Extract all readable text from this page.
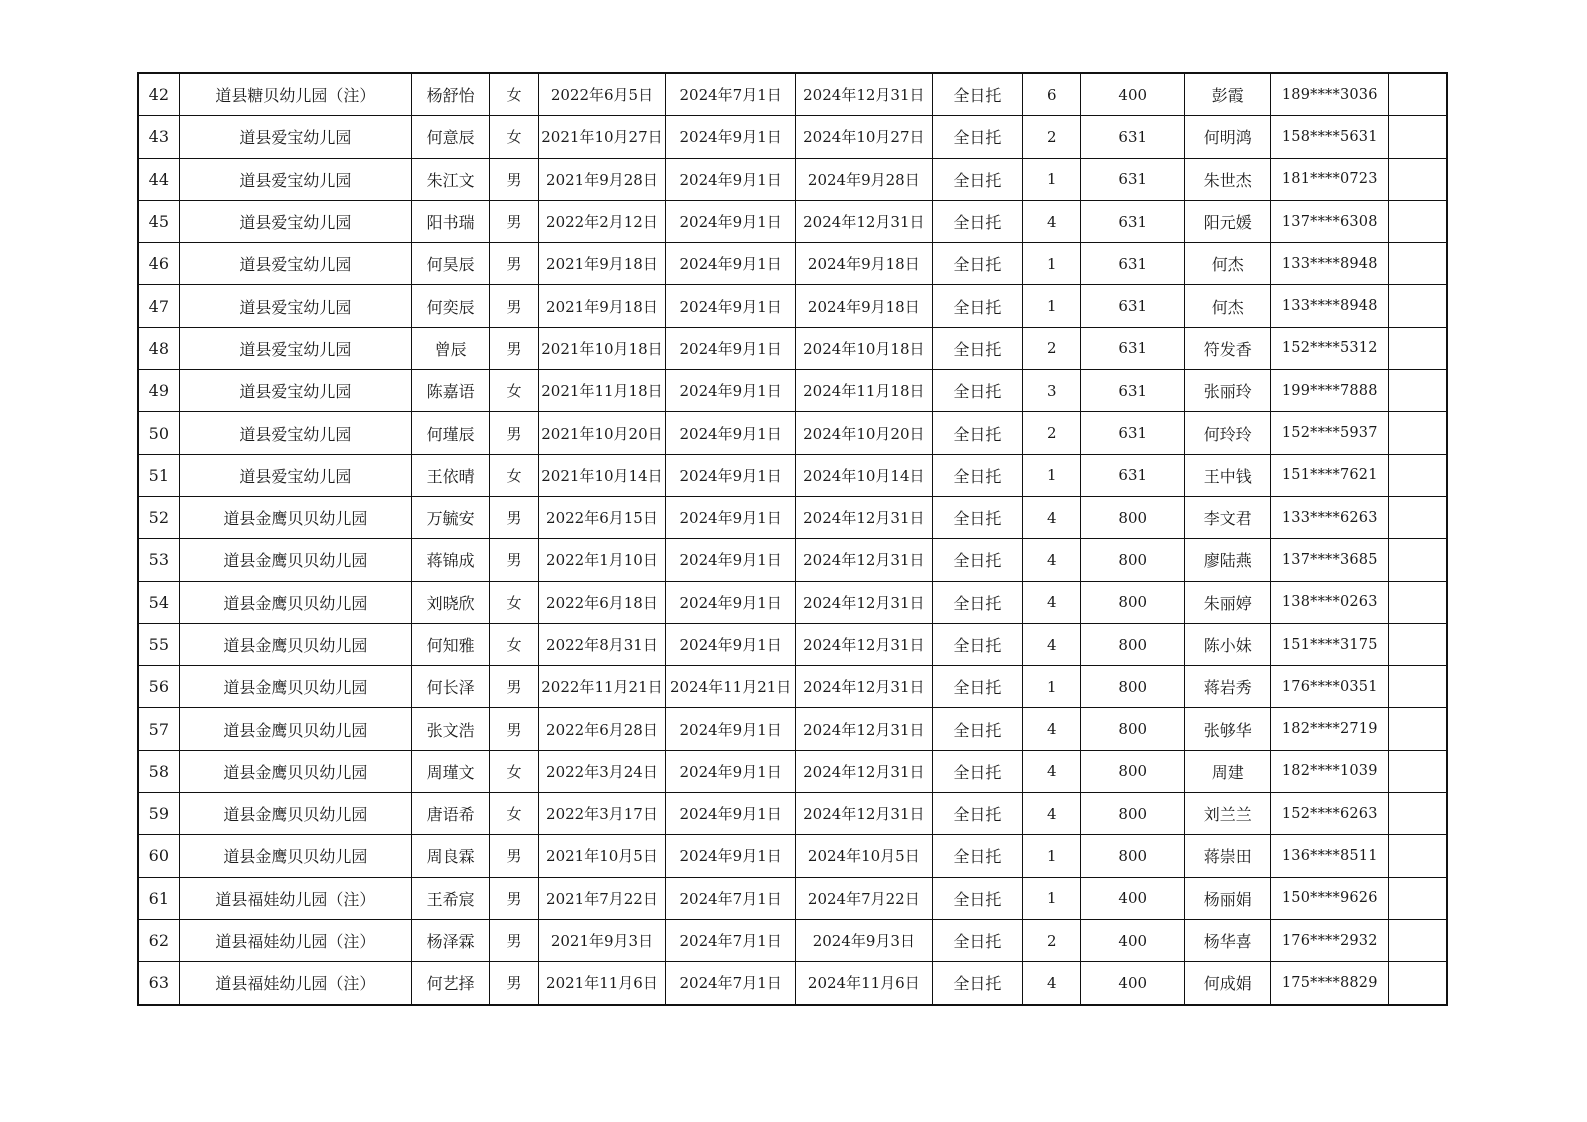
42	道县糖贝幼儿园（注）	杨舒怡	女	2022年6月5日	2024年7月1日	2024年12月31日	全日托	6	400	彭霞	189****3036	
43	道县爱宝幼儿园	何意辰	女	2021年10月27日	2024年9月1日	2024年10月27日	全日托	2	631	何明鸿	158****5631	
44	道县爱宝幼儿园	朱江文	男	2021年9月28日	2024年9月1日	2024年9月28日	全日托	1	631	朱世杰	181****0723	
45	道县爱宝幼儿园	阳书瑞	男	2022年2月12日	2024年9月1日	2024年12月31日	全日托	4	631	阳元媛	137****6308	
46	道县爱宝幼儿园	何昊辰	男	2021年9月18日	2024年9月1日	2024年9月18日	全日托	1	631	何杰	133****8948	
47	道县爱宝幼儿园	何奕辰	男	2021年9月18日	2024年9月1日	2024年9月18日	全日托	1	631	何杰	133****8948	
48	道县爱宝幼儿园	曾辰	男	2021年10月18日	2024年9月1日	2024年10月18日	全日托	2	631	符发香	152****5312	
49	道县爱宝幼儿园	陈嘉语	女	2021年11月18日	2024年9月1日	2024年11月18日	全日托	3	631	张丽玲	199****7888	
50	道县爱宝幼儿园	何瑾辰	男	2021年10月20日	2024年9月1日	2024年10月20日	全日托	2	631	何玲玲	152****5937	
51	道县爱宝幼儿园	王依晴	女	2021年10月14日	2024年9月1日	2024年10月14日	全日托	1	631	王中钱	151****7621	
52	道县金鹰贝贝幼儿园	万毓安	男	2022年6月15日	2024年9月1日	2024年12月31日	全日托	4	800	李文君	133****6263	
53	道县金鹰贝贝幼儿园	蒋锦成	男	2022年1月10日	2024年9月1日	2024年12月31日	全日托	4	800	廖陆燕	137****3685	
54	道县金鹰贝贝幼儿园	刘晓欣	女	2022年6月18日	2024年9月1日	2024年12月31日	全日托	4	800	朱丽婷	138****0263	
55	道县金鹰贝贝幼儿园	何知雅	女	2022年8月31日	2024年9月1日	2024年12月31日	全日托	4	800	陈小妹	151****3175	
56	道县金鹰贝贝幼儿园	何长泽	男	2022年11月21日	2024年11月21日	2024年12月31日	全日托	1	800	蒋岩秀	176****0351	
57	道县金鹰贝贝幼儿园	张文浩	男	2022年6月28日	2024年9月1日	2024年12月31日	全日托	4	800	张够华	182****2719	
58	道县金鹰贝贝幼儿园	周瑾文	女	2022年3月24日	2024年9月1日	2024年12月31日	全日托	4	800	周建	182****1039	
59	道县金鹰贝贝幼儿园	唐语希	女	2022年3月17日	2024年9月1日	2024年12月31日	全日托	4	800	刘兰兰	152****6263	
60	道县金鹰贝贝幼儿园	周良霖	男	2021年10月5日	2024年9月1日	2024年10月5日	全日托	1	800	蒋崇田	136****8511	
61	道县福娃幼儿园（注）	王希宸	男	2021年7月22日	2024年7月1日	2024年7月22日	全日托	1	400	杨丽娟	150****9626	
62	道县福娃幼儿园（注）	杨泽霖	男	2021年9月3日	2024年7月1日	2024年9月3日	全日托	2	400	杨华喜	176****2932	
63	道县福娃幼儿园（注）	何艺择	男	2021年11月6日	2024年7月1日	2024年11月6日	全日托	4	400	何成娟	175****8829	
